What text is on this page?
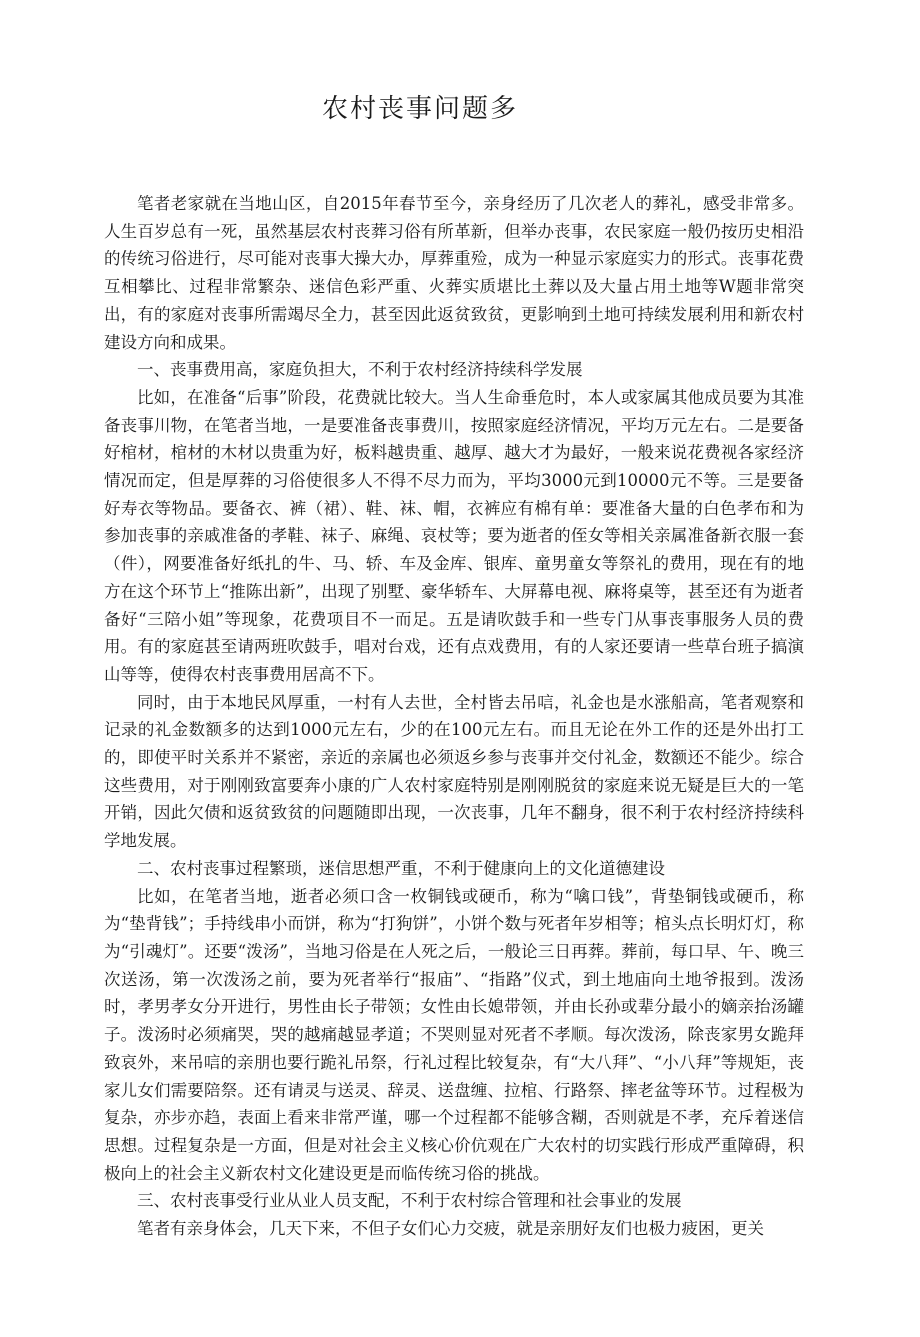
农村丧事问题多

笔者老家就在当地山区，自2015年春节至今，亲身经历了几次老人的葬礼，感受非常多。人生百岁总有一死，虽然基层农村丧葬习俗有所革新，但举办丧事，农民家庭一般仍按历史相沿的传统习俗进行，尽可能对丧事大操大办，厚葬重殓，成为一种显示家庭实力的形式。丧事花费互相攀比、过程非常繁杂、迷信色彩严重、火葬实质堪比土葬以及大量占用土地等W题非常突出，有的家庭对丧事所需竭尽全力，甚至因此返贫致贫，更影响到土地可持续发展利用和新农村建设方向和成果。

一、丧事费用高，家庭负担大，不利于农村经济持续科学发展

比如，在准备“后事”阶段，花费就比较大。当人生命垂危时，本人或家属其他成员要为其准备丧事川物，在笔者当地，一是要准备丧事费川，按照家庭经济情况，平均万元左右。二是要备好棺材，棺材的木材以贵重为好，板料越贵重、越厚、越大才为最好，一般来说花费视各家经济情况而定，但是厚葬的习俗使很多人不得不尽力而为，平均3000元到10000元不等。三是要备好寿衣等物品。要备衣、裤（裙）、鞋、袜、帽，衣裤应有棉有单：要准备大量的白色孝布和为参加丧事的亲戚准备的孝鞋、袜子、麻绳、哀杖等；要为逝者的侄女等相关亲属准备新衣服一套（件），网要准备好纸扎的牛、马、轿、车及金库、银库、童男童女等祭礼的费用，现在有的地方在这个环节上“推陈出新”，出现了别墅、豪华轿车、大屏幕电视、麻将桌等，甚至还有为逝者备好“三陪小姐”等现象，花费项目不一而足。五是请吹鼓手和一些专门从事丧事服务人员的费用。有的家庭甚至请两班吹鼓手，唱对台戏，还有点戏费用，有的人家还要请一些草台班子搞演山等等，使得农村丧事费用居高不下。

同时，由于本地民风厚重，一村有人去世，全村皆去吊唁，礼金也是水涨船高，笔者观察和记录的礼金数额多的达到1000元左右，少的在100元左右。而且无论在外工作的还是外出打工的，即使平时关系并不紧密，亲近的亲属也必须返乡参与丧事并交付礼金，数额还不能少。综合这些费用，对于刚刚致富要奔小康的广人农村家庭特别是刚刚脱贫的家庭来说无疑是巨大的一笔开销，因此欠债和返贫致贫的问题随即出现，一次丧事，几年不翻身，很不利于农村经济持续科学地发展。

二、农村丧事过程繁琐，迷信思想严重，不利于健康向上的文化道德建设

比如，在笔者当地，逝者必须口含一枚铜钱或硬币，称为“噙口钱”，背垫铜钱或硬币，称为“垫背钱”；手持线串小而饼，称为“打狗饼”，小饼个数与死者年岁相等；棺头点长明灯灯，称为“引魂灯”。还要“泼汤”，当地习俗是在人死之后，一般论三日再葬。葬前，每口早、午、晚三次送汤，第一次泼汤之前，要为死者举行“报庙”、“指路”仪式，到土地庙向土地爷报到。泼汤时，孝男孝女分开进行，男性由长子带领；女性由长媳带领，并由长孙或辈分最小的嫡亲抬汤罐子。泼汤时必须痛哭，哭的越痛越显孝道；不哭则显对死者不孝顺。每次泼汤，除丧家男女跪拜致哀外，来吊唁的亲朋也要行跪礼吊祭，行礼过程比较复杂，有“大八拜”、“小八拜”等规矩，丧家儿女们需要陪祭。还有请灵与送灵、辞灵、送盘缠、拉棺、行路祭、摔老盆等环节。过程极为复杂，亦步亦趋，表面上看来非常严谨，哪一个过程都不能够含糊，否则就是不孝，充斥着迷信思想。过程复杂是一方面，但是对社会主义核心价伉观在广大农村的切实践行形成严重障碍，积极向上的社会主义新农村文化建设更是而临传统习俗的挑战。

三、农村丧事受行业从业人员支配，不利于农村综合管理和社会事业的发展

笔者有亲身体会，几天下来，不但子女们心力交疲，就是亲朋好友们也极力疲困，更关
